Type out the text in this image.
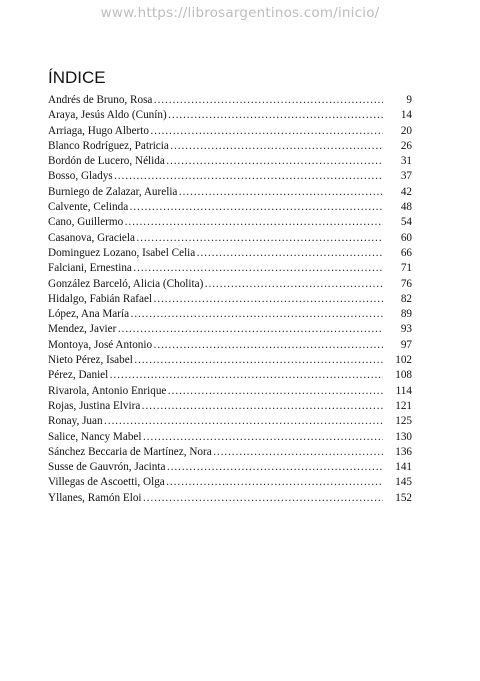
www.https://librosargentinos.com/inicio/
ÍNDICE
Andrés de Bruno, Rosa ………………………………………………………………………………………………………………………………………………………………………………	9
Araya, Jesús Aldo (Cunín) ………………………………………………………………………………………………………………………………………………………………………………	14
Arriaga, Hugo Alberto ………………………………………………………………………………………………………………………………………………………………………………	20
Blanco Rodríguez, Patricia ………………………………………………………………………………………………………………………………………………………………………………	26
Bordón de Lucero, Nélida ………………………………………………………………………………………………………………………………………………………………………………	31
Bosso, Gladys ………………………………………………………………………………………………………………………………………………………………………………	37
Burniego de Zalazar, Aurelia ………………………………………………………………………………………………………………………………………………………………………………	42
Calvente, Celinda ………………………………………………………………………………………………………………………………………………………………………………	48
Cano, Guillermo ………………………………………………………………………………………………………………………………………………………………………………	54
Casanova, Graciela ………………………………………………………………………………………………………………………………………………………………………………	60
Dominguez Lozano, Isabel Celia ………………………………………………………………………………………………………………………………………………………………………………	66
Falciani, Ernestina ………………………………………………………………………………………………………………………………………………………………………………	71
González Barceló, Alicia (Cholita) ………………………………………………………………………………………………………………………………………………………………………………	76
Hidalgo, Fabián Rafael ………………………………………………………………………………………………………………………………………………………………………………	82
López, Ana María ………………………………………………………………………………………………………………………………………………………………………………	89
Mendez, Javier ………………………………………………………………………………………………………………………………………………………………………………	93
Montoya, José Antonio ………………………………………………………………………………………………………………………………………………………………………………	97
Nieto Pérez, Isabel ………………………………………………………………………………………………………………………………………………………………………………	102
Pérez, Daniel ………………………………………………………………………………………………………………………………………………………………………………	108
Rivarola, Antonio Enrique ………………………………………………………………………………………………………………………………………………………………………………	114
Rojas, Justina Elvira ………………………………………………………………………………………………………………………………………………………………………………	121
Ronay, Juan ………………………………………………………………………………………………………………………………………………………………………………	125
Salice, Nancy Mabel ………………………………………………………………………………………………………………………………………………………………………………	130
Sánchez Beccaria de Martínez, Nora ………………………………………………………………………………………………………………………………………………………………………………	136
Susse de Gauvrón, Jacinta ………………………………………………………………………………………………………………………………………………………………………………	141
Villegas de Ascoetti, Olga ………………………………………………………………………………………………………………………………………………………………………………	145
Yllanes, Ramón Eloi ………………………………………………………………………………………………………………………………………………………………………………	152
